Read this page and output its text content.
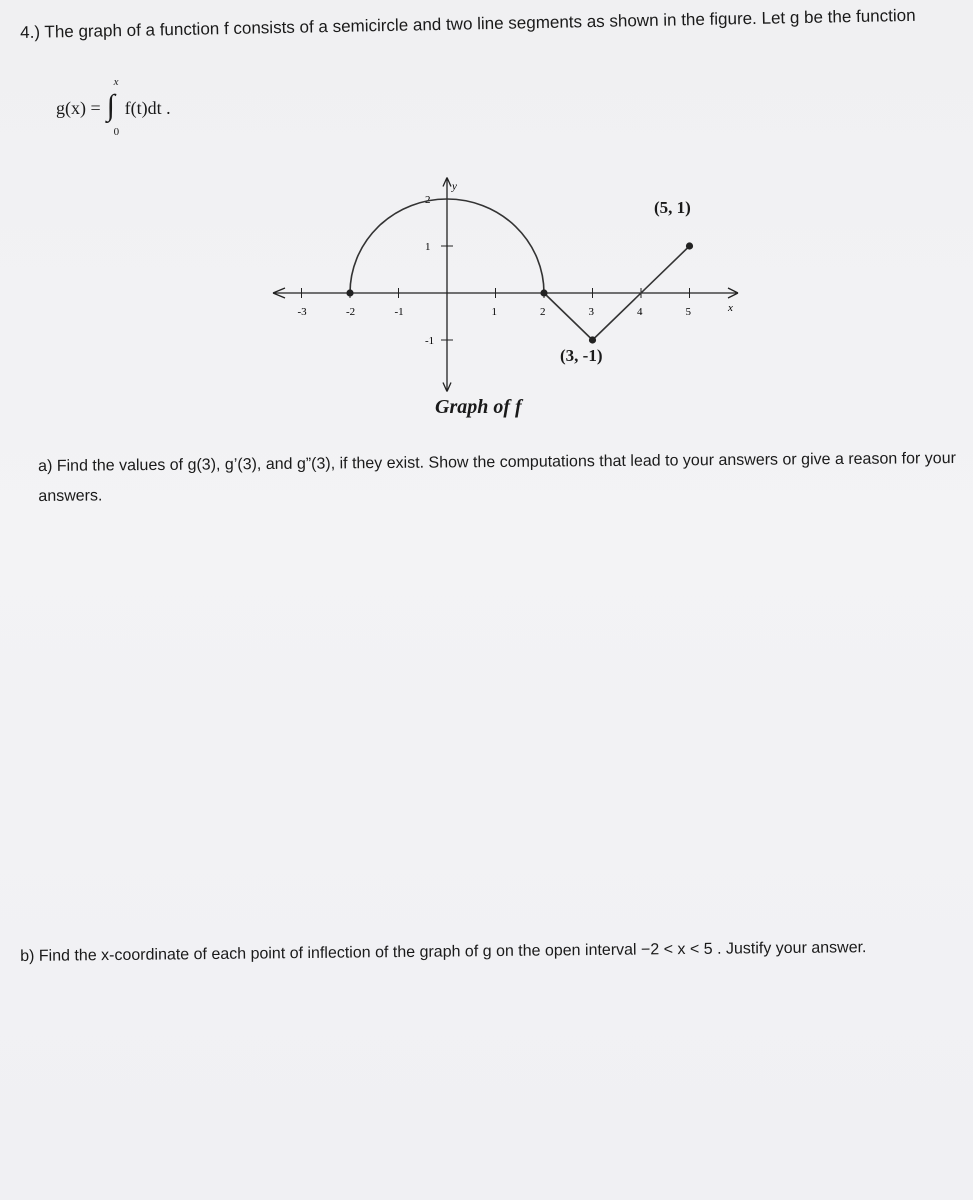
4.) The graph of a function f consists of a semicircle and two line segments as shown in the figure. Let g be the function
g(x) = ∫
x
0
f(t)dt .
x
y
-3	-2	-1	1	2	3	4	5
2
1
-1
(5, 1)
(3, -1)
Graph of f
a) Find the values of g(3), g’(3), and g”(3), if they exist. Show the computations that lead to your answers or give a reason for your answers.
b) Find the x-coordinate of each point of inflection of the graph of g on the open interval −2 < x < 5 . Justify your answer.
